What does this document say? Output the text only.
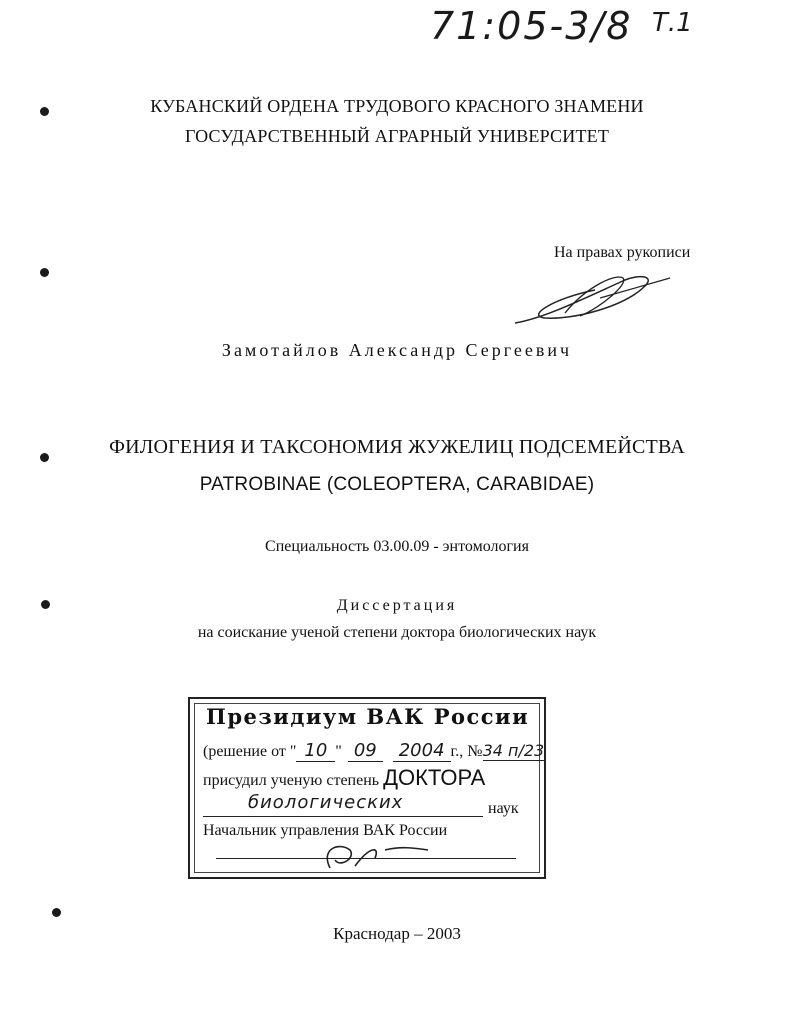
71:05-3/8 Т.1
КУБАНСКИЙ ОРДЕНА ТРУДОВОГО КРАСНОГО ЗНАМЕНИ
ГОСУДАРСТВЕННЫЙ АГРАРНЫЙ УНИВЕРСИТЕТ
На правах рукописи
Замотайлов Александр Сергеевич
ФИЛОГЕНИЯ И ТАКСОНОМИЯ ЖУЖЕЛИЦ ПОДСЕМЕЙСТВА
PATROBINAE (COLEOPTERA, CARABIDAE)
Специальность 03.00.09 - энтомология
Диссертация
на соискание ученой степени доктора биологических наук
Президиум ВАК России
(решение от " 10 " 09 2004 г., №34 п/23
присудил ученую степень ДОКТОРА
биологических	наук
Начальник управления ВАК России
Краснодар – 2003
